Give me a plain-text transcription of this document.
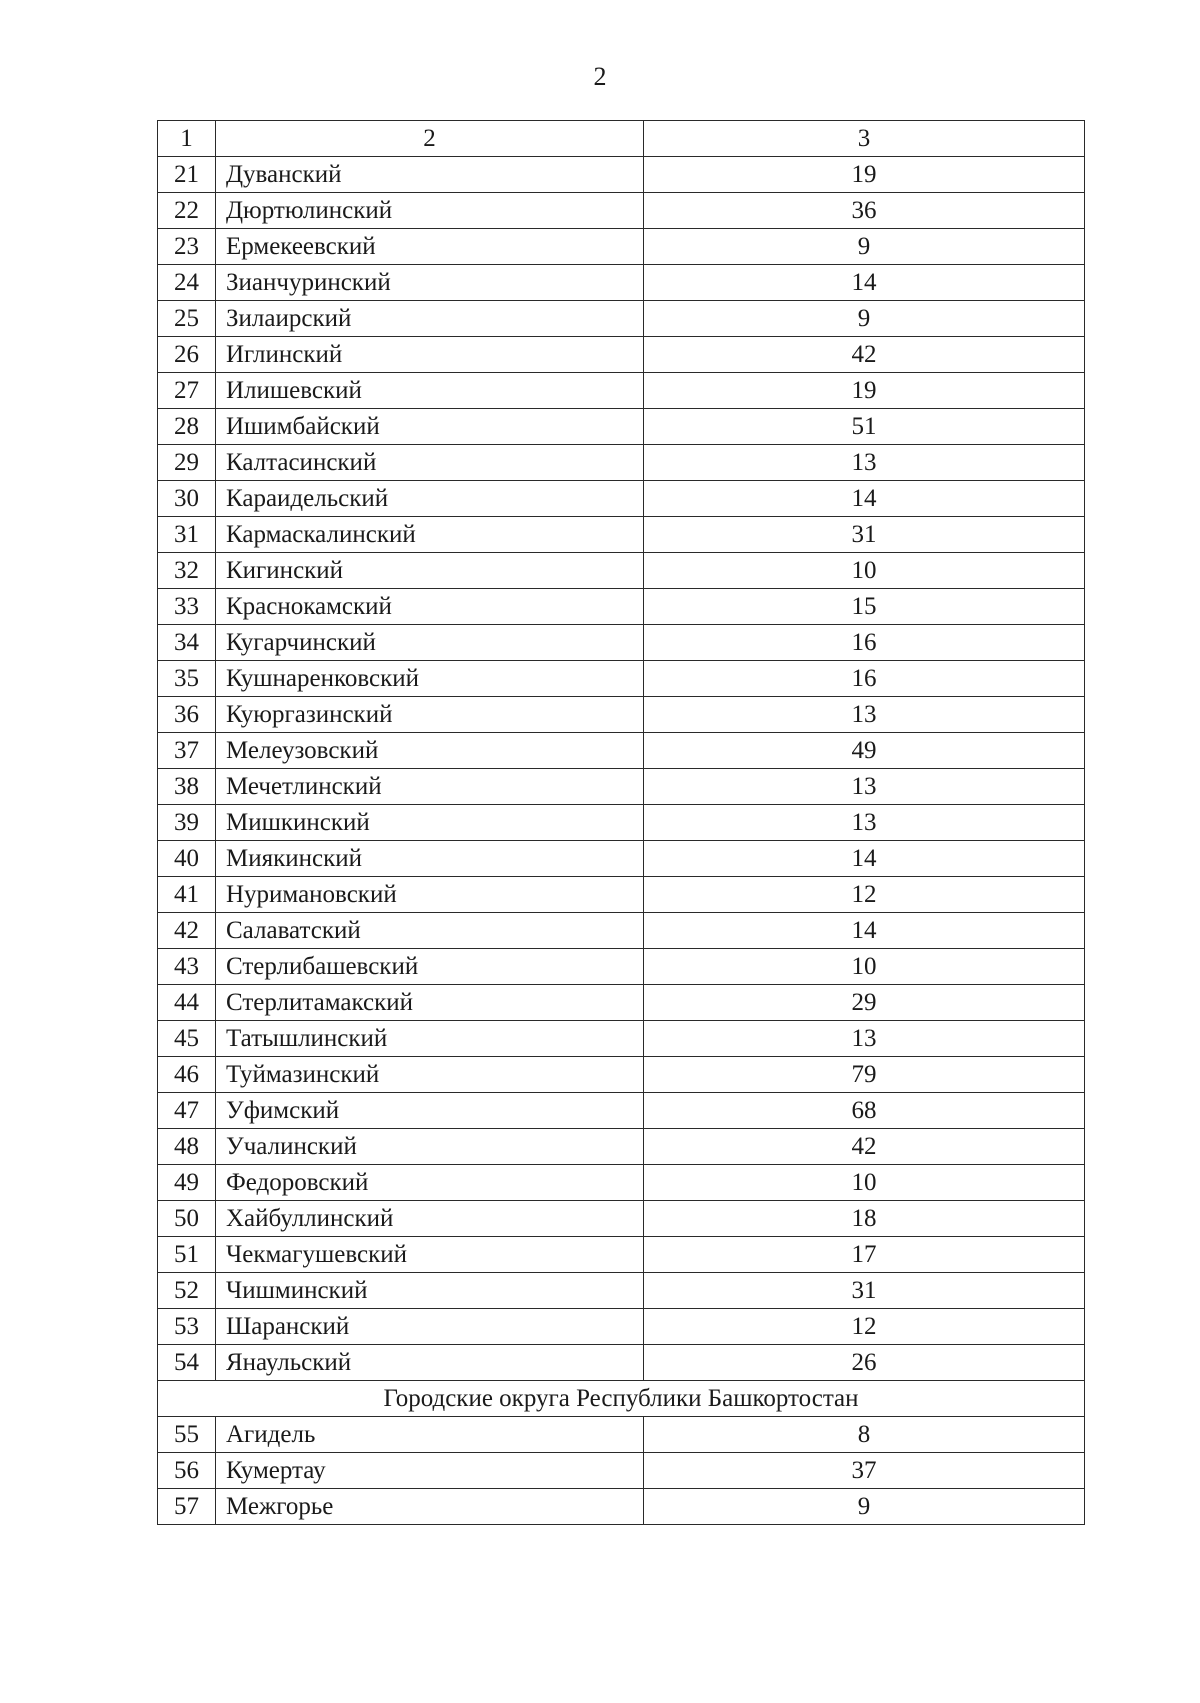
2
1	2	3
21	Дуванский	19
22	Дюртюлинский	36
23	Ермекеевский	9
24	Зианчуринский	14
25	Зилаирский	9
26	Иглинский	42
27	Илишевский	19
28	Ишимбайский	51
29	Калтасинский	13
30	Караидельский	14
31	Кармаскалинский	31
32	Кигинский	10
33	Краснокамский	15
34	Кугарчинский	16
35	Кушнаренковский	16
36	Куюргазинский	13
37	Мелеузовский	49
38	Мечетлинский	13
39	Мишкинский	13
40	Миякинский	14
41	Нуримановский	12
42	Салаватский	14
43	Стерлибашевский	10
44	Стерлитамакский	29
45	Татышлинский	13
46	Туймазинский	79
47	Уфимский	68
48	Учалинский	42
49	Федоровский	10
50	Хайбуллинский	18
51	Чекмагушевский	17
52	Чишминский	31
53	Шаранский	12
54	Янаульский	26
Городские округа Республики Башкортостан		
55	Агидель	8
56	Кумертау	37
57	Межгорье	9
